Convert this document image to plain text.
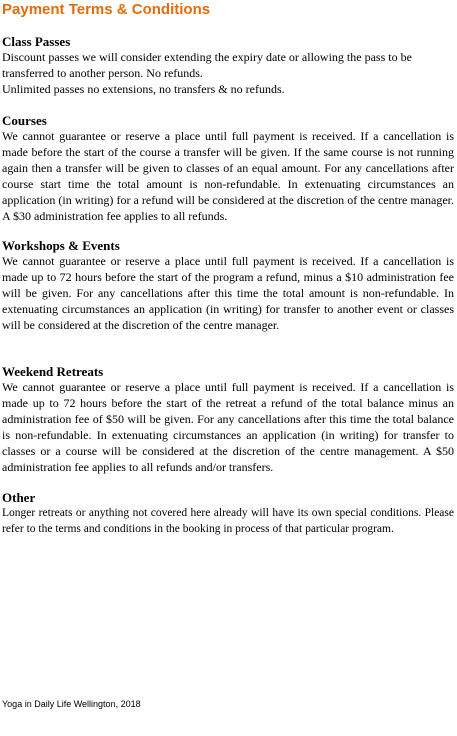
Payment Terms & Conditions
Class Passes

Discount passes we will consider extending the expiry date or allowing the pass to be transferred to another person. No refunds.

Unlimited passes no extensions, no transfers & no refunds.

Courses

We cannot guarantee or reserve a place until full payment is received. If a cancellation is made before the start of the course a transfer will be given. If the same course is not running again then a transfer will be given to classes of an equal amount. For any cancellations after course start time the total amount is non-refundable. In extenuating circumstances an application (in writing) for a refund will be considered at the discretion of the centre manager. A $30 administration fee applies to all refunds.

Workshops & Events

We cannot guarantee or reserve a place until full payment is received. If a cancellation is made up to 72 hours before the start of the program a refund, minus a $10 administration fee will be given. For any cancellations after this time the total amount is non-refundable. In extenuating circumstances an application (in writing) for transfer to another event or classes will be considered at the discretion of the centre manager.

Weekend Retreats

We cannot guarantee or reserve a place until full payment is received. If a cancellation is made up to 72 hours before the start of the retreat a refund of the total balance minus an administration fee of $50 will be given. For any cancellations after this time the total balance is non-refundable. In extenuating circumstances an application (in writing) for transfer to classes or a course will be considered at the discretion of the centre management. A $50 administration fee applies to all refunds and/or transfers.

Other

Longer retreats or anything not covered here already will have its own special conditions. Please refer to the terms and conditions in the booking in process of that particular program.

Yoga in Daily Life Wellington, 2018
